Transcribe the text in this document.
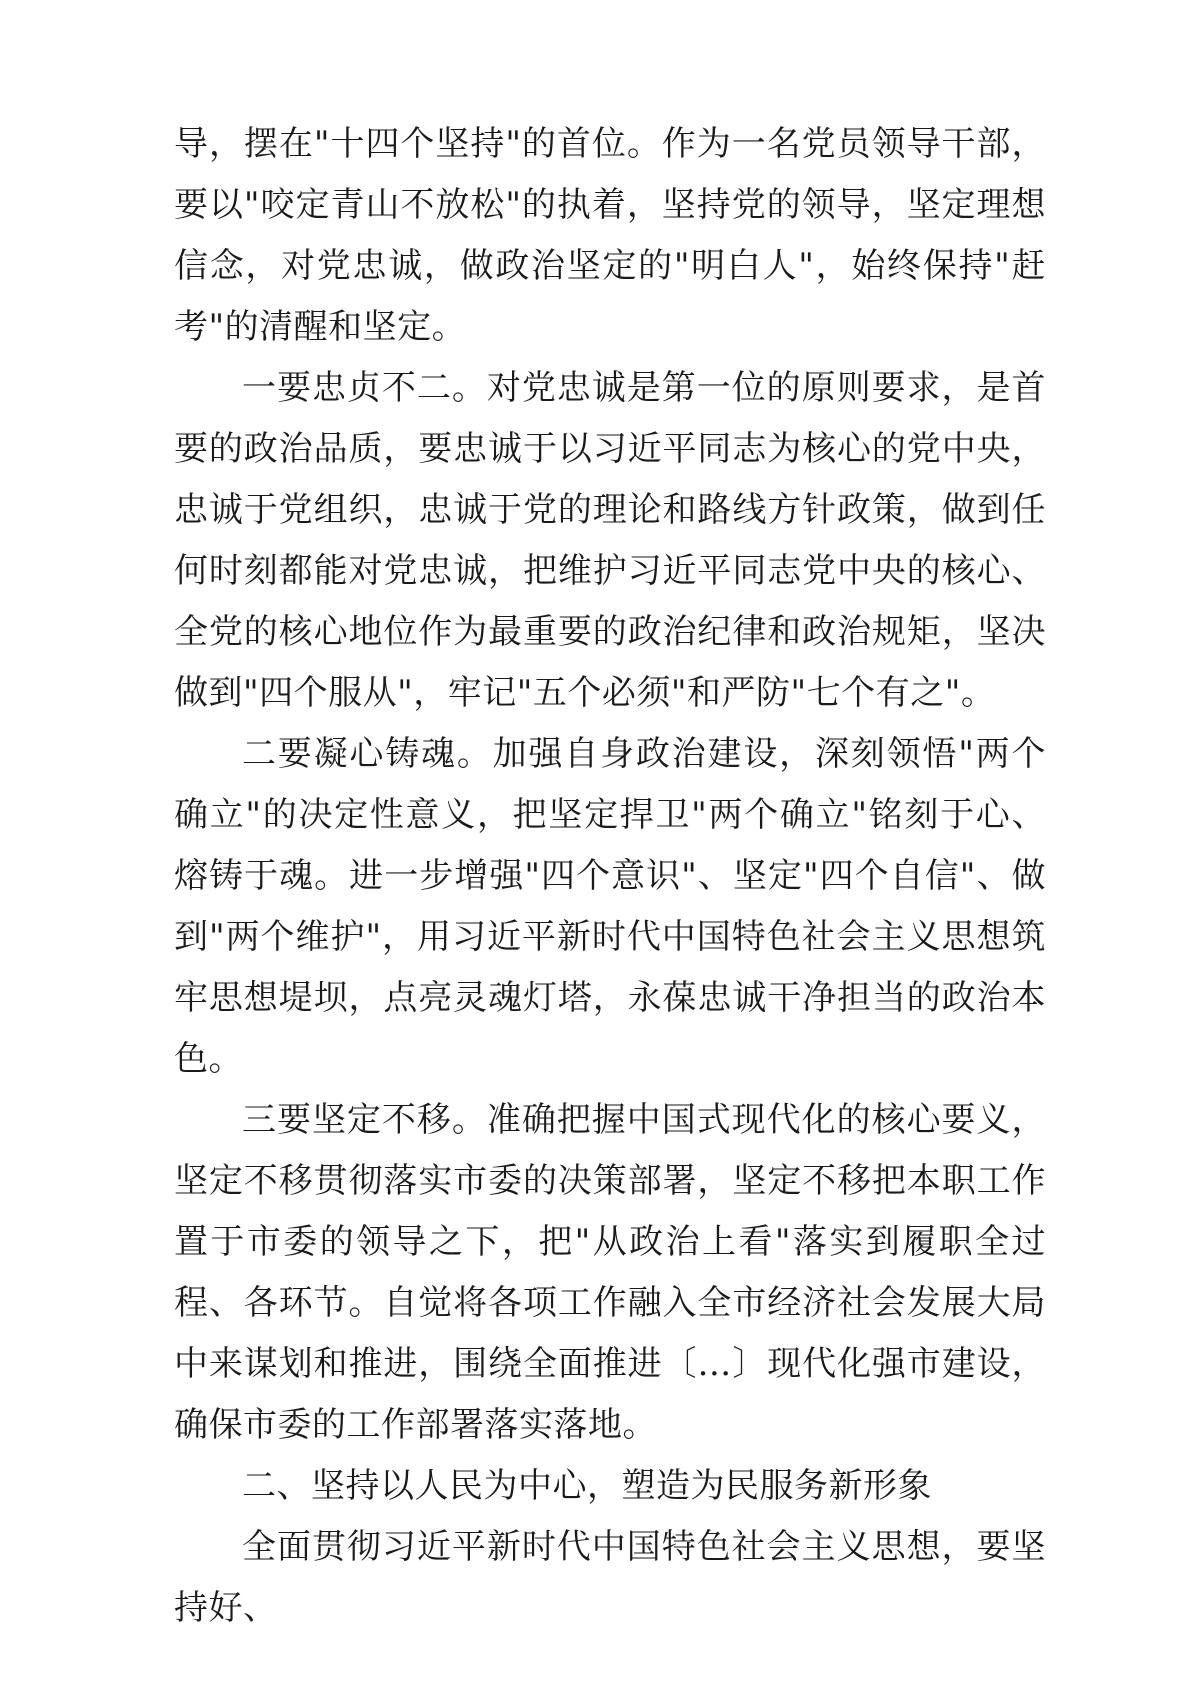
导，摆在"十四个坚持"的首位。作为一名党员领导干部，要以"咬定青山不放松"的执着，坚持党的领导，坚定理想信念，对党忠诚，做政治坚定的"明白人"，始终保持"赶考"的清醒和坚定。

一要忠贞不二。对党忠诚是第一位的原则要求，是首要的政治品质，要忠诚于以习近平同志为核心的党中央，忠诚于党组织，忠诚于党的理论和路线方针政策，做到任何时刻都能对党忠诚，把维护习近平同志党中央的核心、全党的核心地位作为最重要的政治纪律和政治规矩，坚决做到"四个服从"，牢记"五个必须"和严防"七个有之"。

二要凝心铸魂。加强自身政治建设，深刻领悟"两个确立"的决定性意义，把坚定捍卫"两个确立"铭刻于心、熔铸于魂。进一步增强"四个意识"、坚定"四个自信"、做到"两个维护"，用习近平新时代中国特色社会主义思想筑牢思想堤坝，点亮灵魂灯塔，永葆忠诚干净担当的政治本色。

三要坚定不移。准确把握中国式现代化的核心要义，坚定不移贯彻落实市委的决策部署，坚定不移把本职工作置于市委的领导之下，把"从政治上看"落实到履职全过程、各环节。自觉将各项工作融入全市经济社会发展大局中来谋划和推进，围绕全面推进〔…〕现代化强市建设，确保市委的工作部署落实落地。

二、坚持以人民为中心，塑造为民服务新形象

全面贯彻习近平新时代中国特色社会主义思想，要坚持好、
